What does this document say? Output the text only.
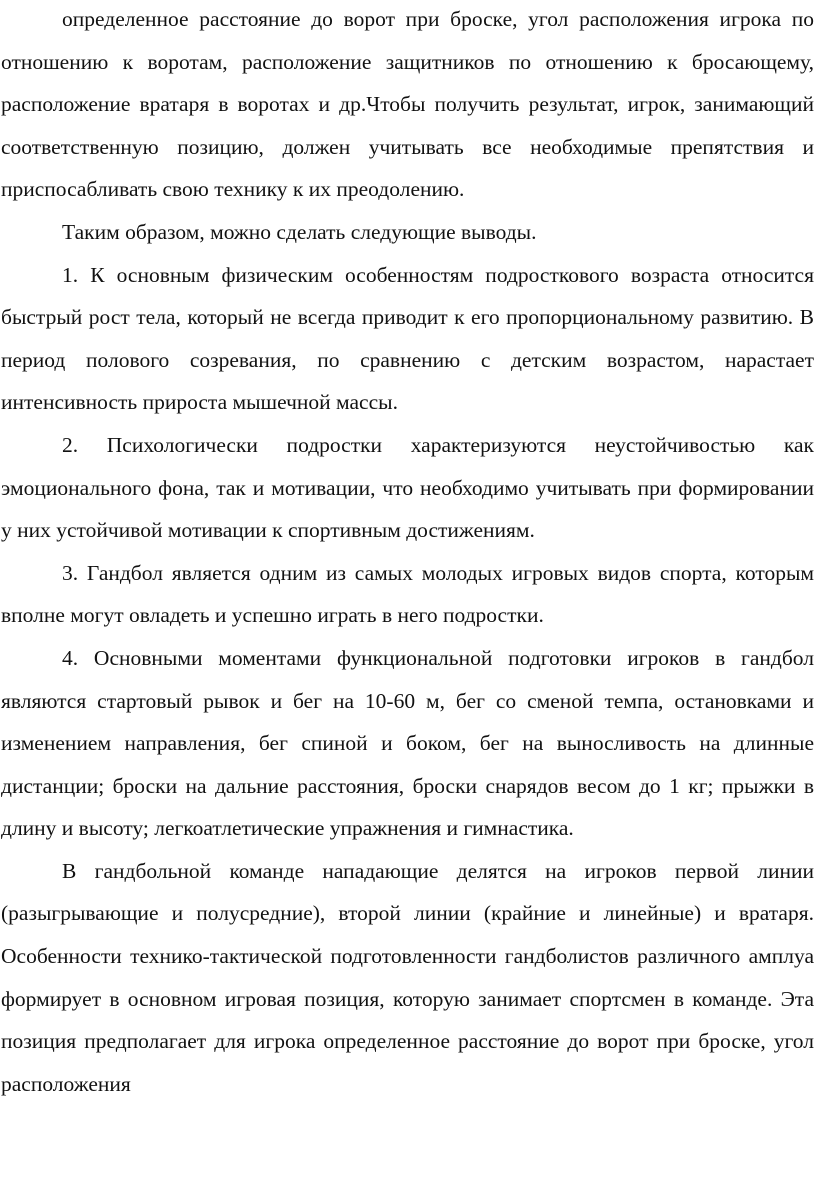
определенное расстояние до ворот при броске, угол расположения игрока по отношению к воротам, расположение защитников по отношению к бросающему, расположение вратаря в воротах и др.Чтобы получить результат, игрок, занимающий соответственную позицию, должен учитывать все необходимые препятствия и приспосабливать свою технику к их преодолению.

Таким образом, можно сделать следующие выводы.

1. К основным физическим особенностям подросткового возраста относится быстрый рост тела, который не всегда приводит к его пропорциональному развитию. В период полового созревания, по сравнению с детским возрастом, нарастает интенсивность прироста мышечной массы.

2. Психологически подростки характеризуются неустойчивостью как эмоционального фона, так и мотивации, что необходимо учитывать при формировании у них устойчивой мотивации к спортивным достижениям.

3. Гандбол является одним из самых молодых игровых видов спорта, которым вполне могут овладеть и успешно играть в него подростки.

4. Основными моментами функциональной подготовки игроков в гандбол являются стартовый рывок и бег на 10-60 м, бег со сменой темпа, остановками и изменением направления, бег спиной и боком, бег на выносливость на длинные дистанции; броски на дальние расстояния, броски снарядов весом до 1 кг; прыжки в длину и высоту; легкоатлетические упражнения и гимнастика.

В гандбольной команде нападающие делятся на игроков первой линии (разыгрывающие и полусредние), второй линии (крайние и линейные) и вратаря. Особенности технико-тактической подготовленности гандболистов различного амплуа формирует в основном игровая позиция, которую занимает спортсмен в команде. Эта позиция предполагает для игрока определенное расстояние до ворот при броске, угол расположения
